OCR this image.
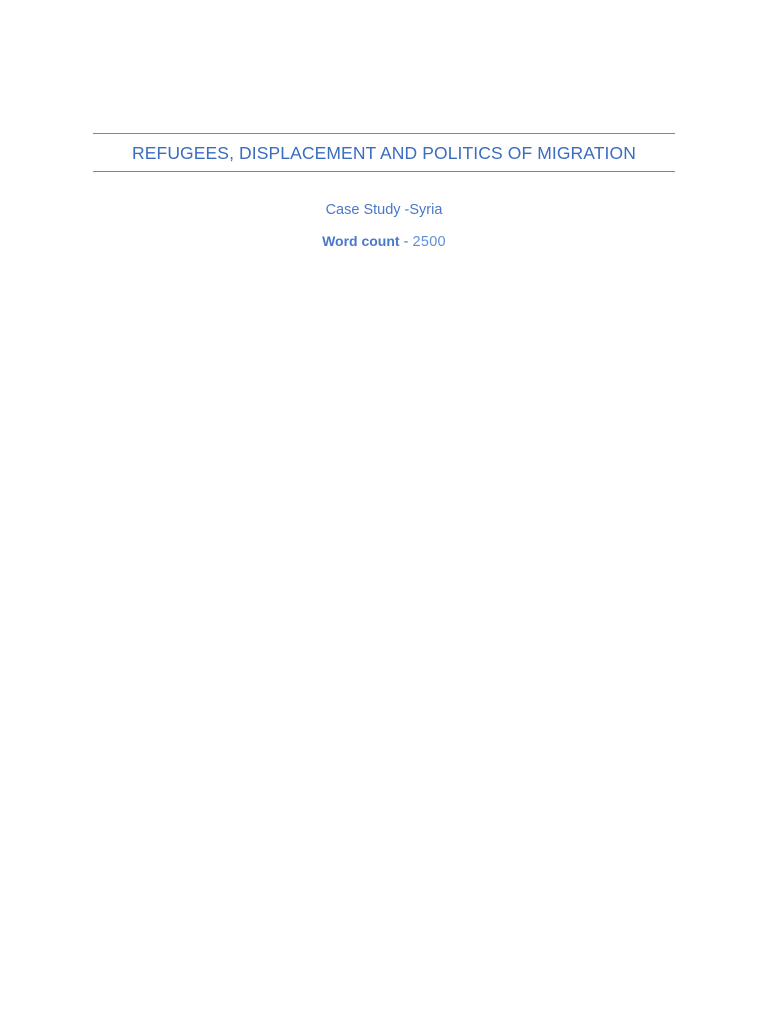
REFUGEES, DISPLACEMENT AND POLITICS OF MIGRATION
Case Study -Syria
Word count - 2500
